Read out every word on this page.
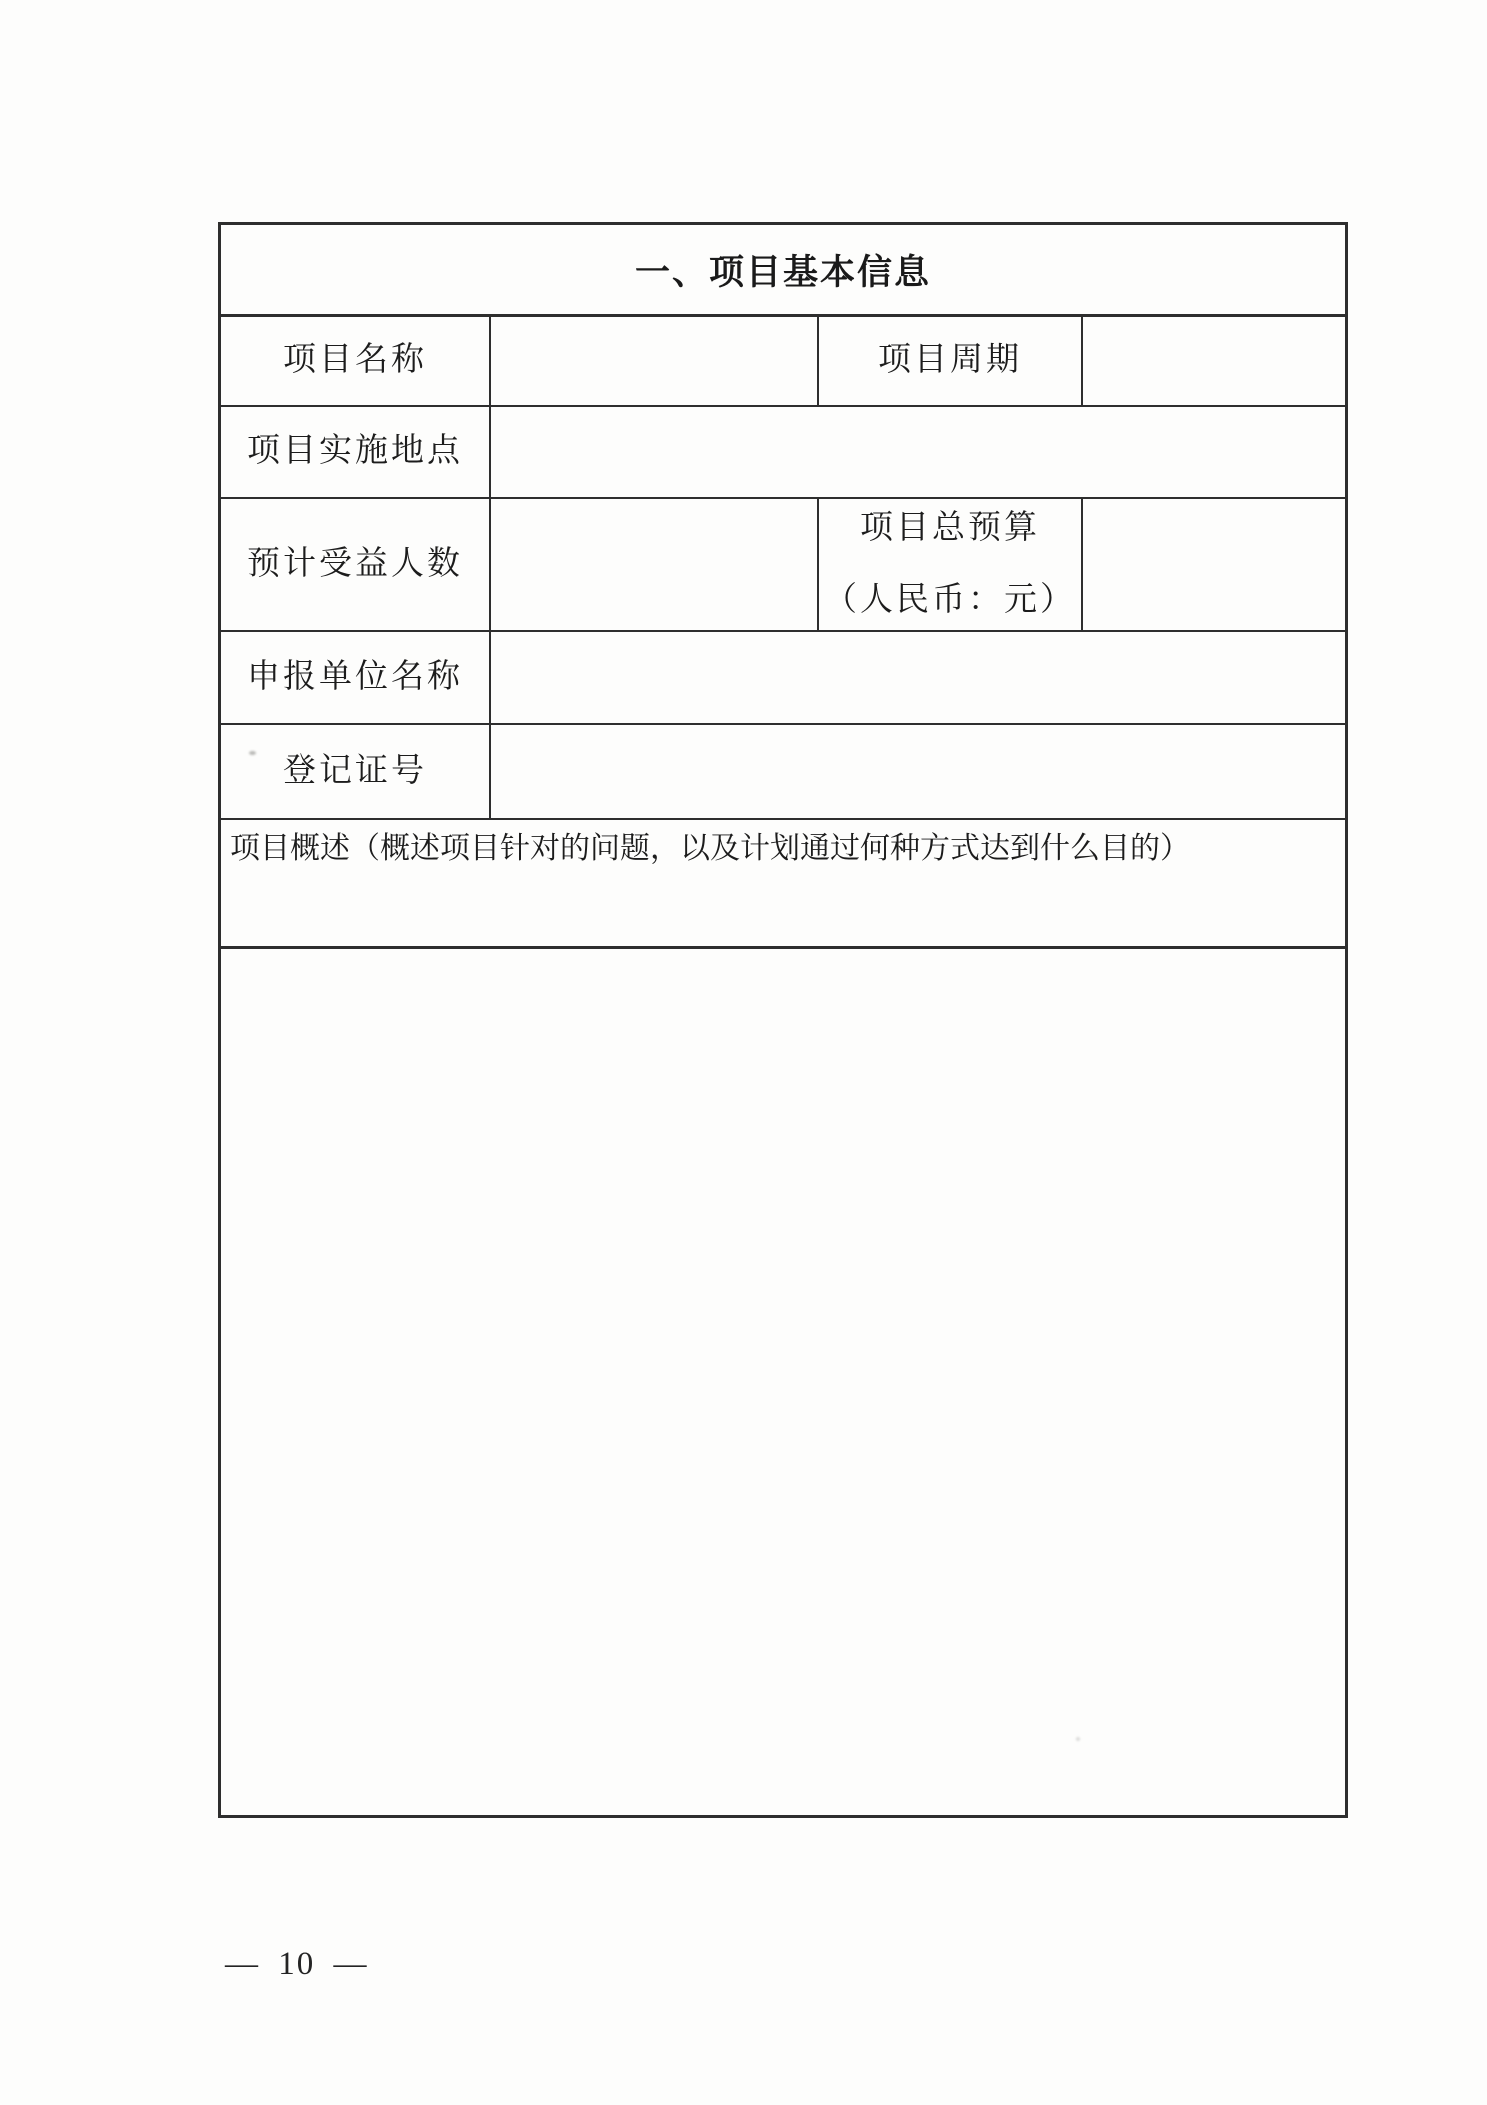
一、项目基本信息
项目名称	项目周期
项目实施地点
预计受益人数
项目总预算
（人民币：元）
申报单位名称
登记证号
项目概述（概述项目针对的问题，以及计划通过何种方式达到什么目的）
— 10 —
